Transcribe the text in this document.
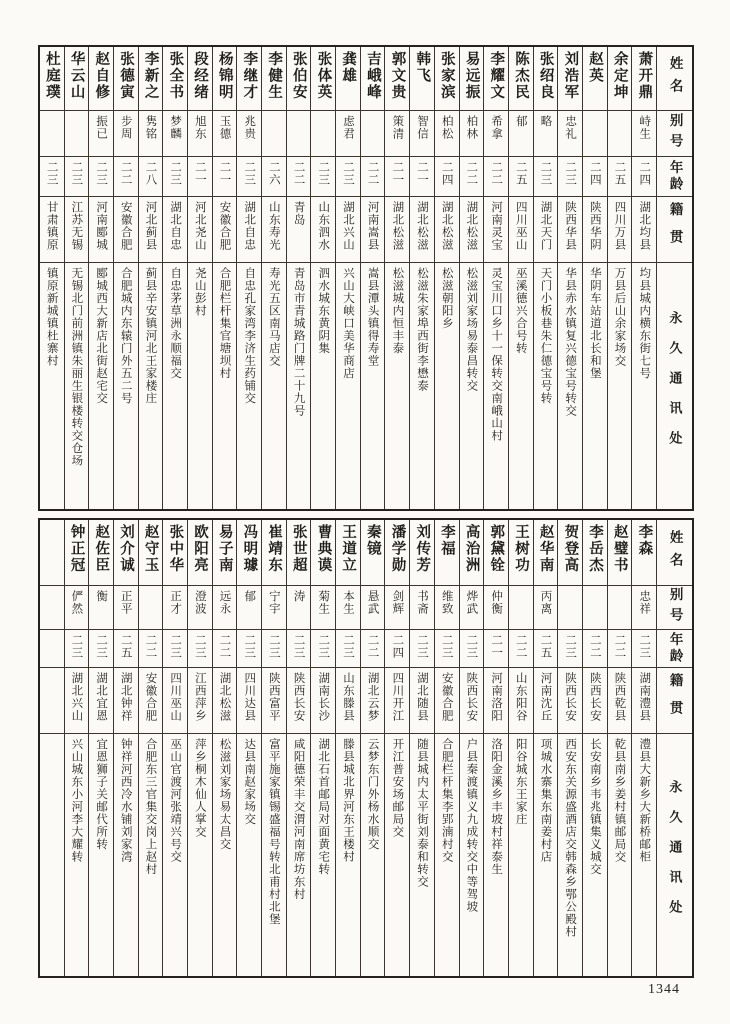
姓名
别号
年龄
籍贯
永久通讯处
萧开鼎
峙生
二四
湖北均县
均县城内横东街七号
余定坤
二五
四川万县
万县后山余家场交
赵英
二四
陕西华阴
华阴车站道北长和堡
刘浩军
忠礼
二三
陕西华县
华县赤水镇复兴德宝号转交
张绍良
略
二三
湖北天门
天门小板巷朱仁德宝号转
陈杰民
郁
二五
四川巫山
巫溪德兴合号转
李耀文
希拿
二二
河南灵宝
灵宝川口乡十一保转交南峨山村
易远振
柏林
二二
湖北松滋
松滋刘家场易泰昌转交
张家滨
柏松
二四
湖北松滋
松滋朝阳乡
韩飞
智信
二一
湖北松滋
松滋朱家埠西街李懋泰
郭文贵
策清
二一
湖北松滋
松滋城内恒丰泰
吉峨峰
二二
河南嵩县
嵩县潭头镇得寿堂
龚雄
虑君
二三
湖北兴山
兴山大峡口美华商店
张体英
二三
山东泗水
泗水城东黄阴集
张伯安
二二
青岛
青岛市青城路门牌二十九号
李健生
二六
山东寿光
寿光五区南马店交
李继才
兆贵
二三
湖北自忠
自忠孔家湾李济生药铺交
杨锦明
玉德
二一
安徽合肥
合肥栏杆集官塘坝村
段经绪
旭东
二一
河北尧山
尧山彭村
张全书
梦麟
二三
湖北自忠
自忠茅草洲永顺福交
李新之
隽铭
二八
河北蓟县
蓟县辛安镇河北王家楼庄
张德寅
步周
二二
安徽合肥
合肥城内东辕门外五二号
赵自修
振已
二三
河南郾城
郾城西大新店北街赵宅交
华云山
二三
江苏无锡
无锡北门前洲镇朱丽生银楼转交仓场
杜庭璞
二三
甘肃镇原
镇原新城镇杜寨村
姓名
别号
年龄
籍贯
永久通讯处
李森
忠祥
二三
湖南澧县
澧县大新乡大新桥邮柜
赵璧书
二二
陕西乾县
乾县南乡姜村镇邮局交
李岳杰
二二
陕西长安
长安南乡韦兆镇集义城交
贺登高
二三
陕西长安
西安东关源盛酒店交韩森乡鄂公殿村
赵华南
丙离
二五
河南沈丘
项城水寨集东南姜村店
王树功
二二
山东阳谷
阳谷城东王家庄
郭黛铨
仲衡
二一
河南洛阳
洛阳金溪乡丰坡村祥泰生
高治洲
烨武
二三
陕西长安
户县秦渡镇义九成转交中等驾坡
李福
维致
二三
安徽合肥
合肥栏杆集李郢湳村交
刘传芳
书斋
二三
湖北随县
随县城内太平街刘泰和转交
潘学勋
剑辉
二四
四川开江
开江普安场邮局交
秦镜
悬武
二二
湖北云梦
云梦东门外杨水顺交
王道立
本生
二三
山东滕县
滕县城北界河东王楼村
曹典谟
菊生
二三
湖南长沙
湖北石首邮局对面黄宅转
张世超
涛
二三
陕西长安
咸阳德荣丰交渭河南席坊东村
崔靖东
宁宇
二三
陕西富平
富平施家镇锡盛福号转北甫村北堡
冯明璩
郁
二三
四川达县
达县南赵家场交
易子南
远永
二二
湖北松滋
松滋刘家场易太昌交
欧阳亮
澄波
二三
江西萍乡
萍乡桐木仙人掌交
张中华
正才
二三
四川巫山
巫山官渡河张靖兴号交
赵守玉
二二
安徽合肥
合肥东三官集交岗上赵村
刘介诚
正平
二五
湖北钟祥
钟祥河西冷水铺刘家湾
赵佐臣
衡
二三
湖北宜恩
宜恩狮子关邮代所转
钟正冠
俨然
二三
湖北兴山
兴山城东小河李大耀转
1344
